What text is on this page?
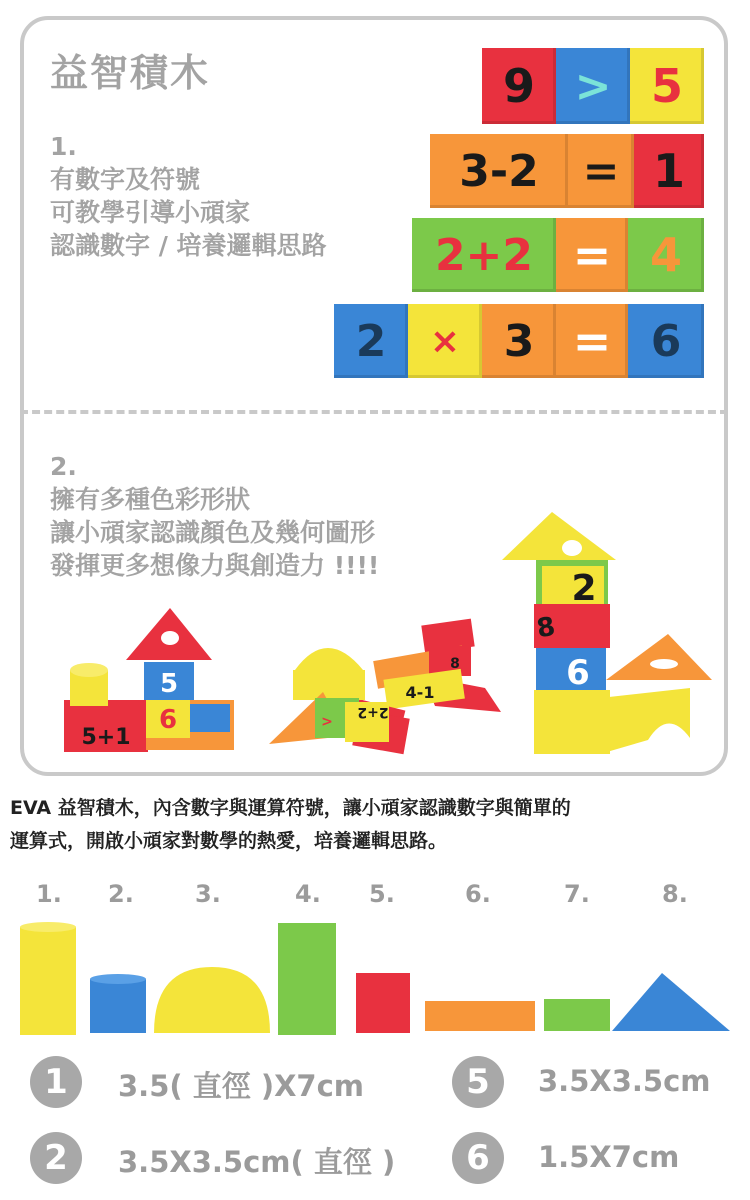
益智積木
1.
有數字及符號
可教學引導小頑家
認識數字 / 培養邏輯思路
9 > 5
3-2 = 1
2+2 = 4
2	× 3 = 6
2.
擁有多種色彩形狀
讓小頑家認識顏色及幾何圖形
發揮更多想像力與創造力 !!!!
5
6
5+1
8
4-1
2+2
>
2
8
6
EVA 益智積木，內含數字與運算符號，讓小頑家認識數字與簡單的
運算式，開啟小頑家對數學的熱愛，培養邏輯思路。
1. 2.	3.	4. 5.	6.	7.	8.
1	3.5( 直徑 )X7cm	5	3.5X3.5cm
2	3.5X3.5cm( 直徑 )	6	1.5X7cm
